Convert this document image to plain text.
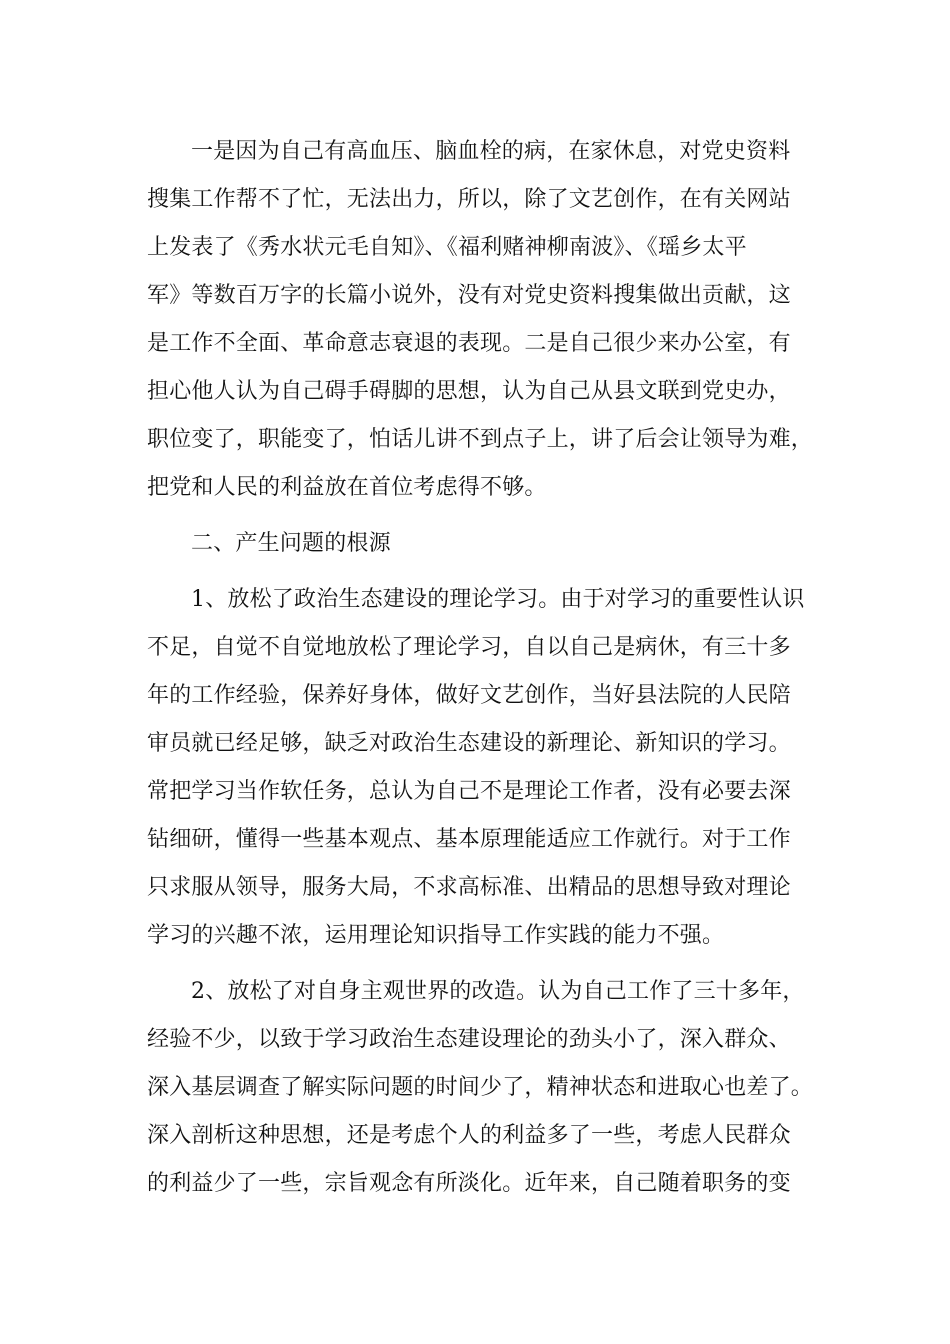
一是因为自己有高血压、脑血栓的病，在家休息，对党史资料
搜集工作帮不了忙，无法出力，所以，除了文艺创作，在有关网站
上发表了《秀水状元毛自知》、《福利赌神柳南波》、《瑶乡太平
军》等数百万字的长篇小说外，没有对党史资料搜集做出贡献，这
是工作不全面、革命意志衰退的表现。二是自己很少来办公室，有
担心他人认为自己碍手碍脚的思想，认为自己从县文联到党史办，
职位变了，职能变了，怕话儿讲不到点子上，讲了后会让领导为难，
把党和人民的利益放在首位考虑得不够。
二、产生问题的根源
1、放松了政治生态建设的理论学习。由于对学习的重要性认识
不足，自觉不自觉地放松了理论学习，自以自己是病休，有三十多
年的工作经验，保养好身体，做好文艺创作，当好县法院的人民陪
审员就已经足够，缺乏对政治生态建设的新理论、新知识的学习。
常把学习当作软任务，总认为自己不是理论工作者，没有必要去深
钻细研，懂得一些基本观点、基本原理能适应工作就行。对于工作
只求服从领导，服务大局，不求高标准、出精品的思想导致对理论
学习的兴趣不浓，运用理论知识指导工作实践的能力不强。
2、放松了对自身主观世界的改造。认为自己工作了三十多年，
经验不少，以致于学习政治生态建设理论的劲头小了，深入群众、
深入基层调查了解实际问题的时间少了，精神状态和进取心也差了。
深入剖析这种思想，还是考虑个人的利益多了一些，考虑人民群众
的利益少了一些，宗旨观念有所淡化。近年来，自己随着职务的变
